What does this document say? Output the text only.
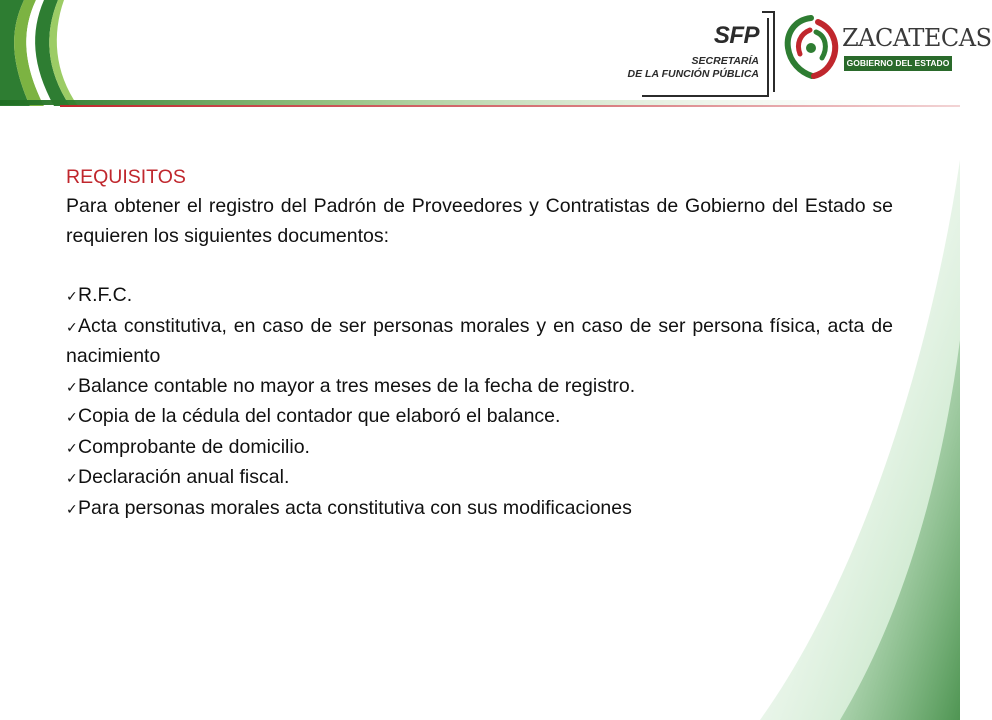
SFP
SECRETARÍA
DE LA FUNCIÓN PÚBLICA
ZACATECAS
GOBIERNO DEL ESTADO
REQUISITOS

Para obtener el registro del Padrón de Proveedores y Contratistas de Gobierno del Estado se requieren los siguientes documentos:

✓R.F.C.
✓Acta constitutiva, en caso de ser personas morales y en caso de ser persona física, acta de nacimiento
✓Balance contable no mayor a tres meses de la fecha de registro.
✓Copia de la cédula del contador que elaboró el balance.
✓Comprobante de domicilio.
✓Declaración anual fiscal.
✓Para personas morales acta constitutiva con sus modificaciones
